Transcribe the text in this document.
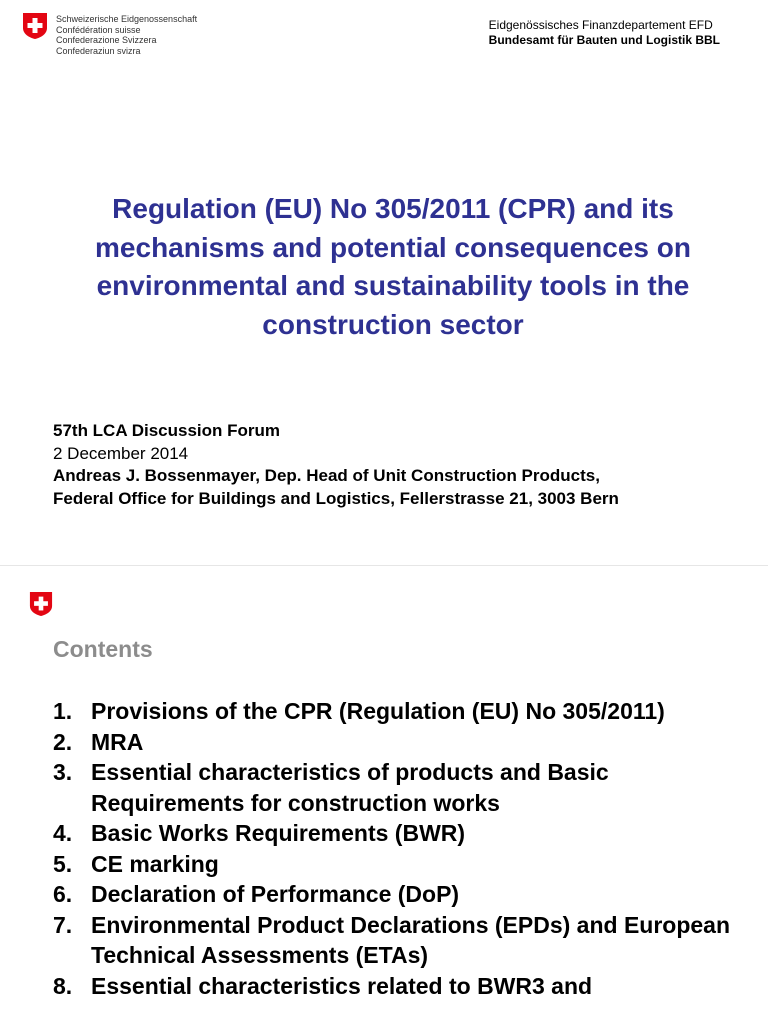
Schweizerische Eidgenossenschaft
Confédération suisse
Confederazione Svizzera
Confederaziun svizra
Eidgenössisches Finanzdepartement EFD
Bundesamt für Bauten und Logistik BBL
Regulation (EU) No 305/2011 (CPR) and its mechanisms and potential consequences on environmental and sustainability tools in the construction sector
57th LCA Discussion Forum
2 December 2014
Andreas J. Bossenmayer, Dep. Head of Unit Construction Products,
Federal Office for Buildings and Logistics, Fellerstrasse 21, 3003 Bern
Contents
1. Provisions of the CPR (Regulation (EU) No 305/2011)
2. MRA
3. Essential characteristics of products and Basic Requirements for construction works
4. Basic Works Requirements (BWR)
5. CE marking
6. Declaration of Performance (DoP)
7. Environmental Product Declarations (EPDs) and European Technical Assessments (ETAs)
8. Essential characteristics related to BWR3 and
